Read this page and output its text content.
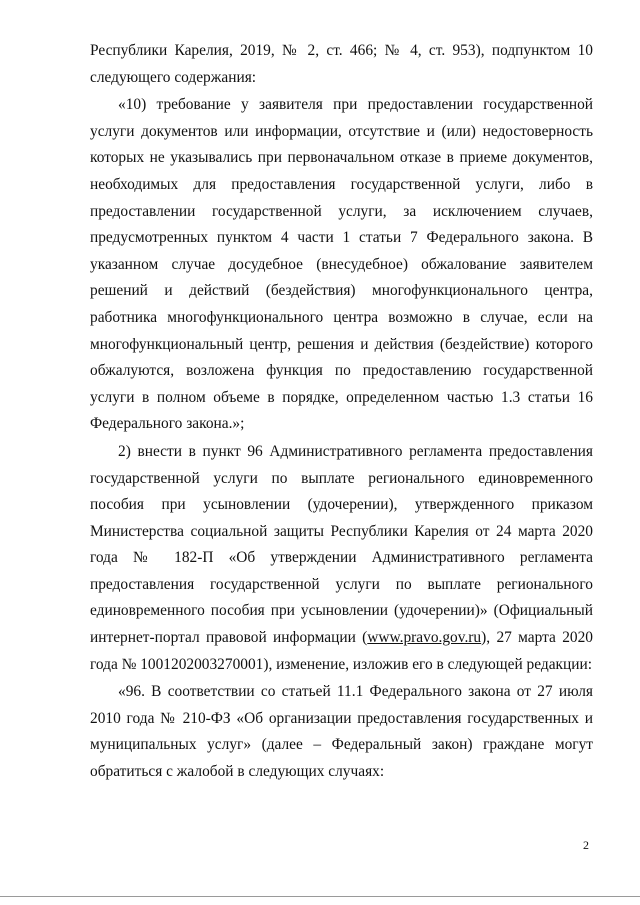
Республики Карелия, 2019, № 2, ст. 466; № 4, ст. 953), подпунктом 10 следующего содержания:

«10) требование у заявителя при предоставлении государственной услуги документов или информации, отсутствие и (или) недостоверность которых не указывались при первоначальном отказе в приеме документов, необходимых для предоставления государственной услуги, либо в предоставлении государственной услуги, за исключением случаев, предусмотренных пунктом 4 части 1 статьи 7 Федерального закона. В указанном случае досудебное (внесудебное) обжалование заявителем решений и действий (бездействия) многофункционального центра, работника многофункционального центра возможно в случае, если на многофункциональный центр, решения и действия (бездействие) которого обжалуются, возложена функция по предоставлению государственной услуги в полном объеме в порядке, определенном частью 1.3 статьи 16 Федерального закона.»;

2) внести в пункт 96 Административного регламента предоставления государственной услуги по выплате регионального единовременного пособия при усыновлении (удочерении), утвержденного приказом Министерства социальной защиты Республики Карелия от 24 марта 2020 года № 182-П «Об утверждении Административного регламента предоставления государственной услуги по выплате регионального единовременного пособия при усыновлении (удочерении)» (Официальный интернет-портал правовой информации (www.pravo.gov.ru), 27 марта 2020 года № 1001202003270001), изменение, изложив его в следующей редакции:

«96. В соответствии со статьей 11.1 Федерального закона от 27 июля 2010 года № 210-ФЗ «Об организации предоставления государственных и муниципальных услуг» (далее – Федеральный закон) граждане могут обратиться с жалобой в следующих случаях:

2
